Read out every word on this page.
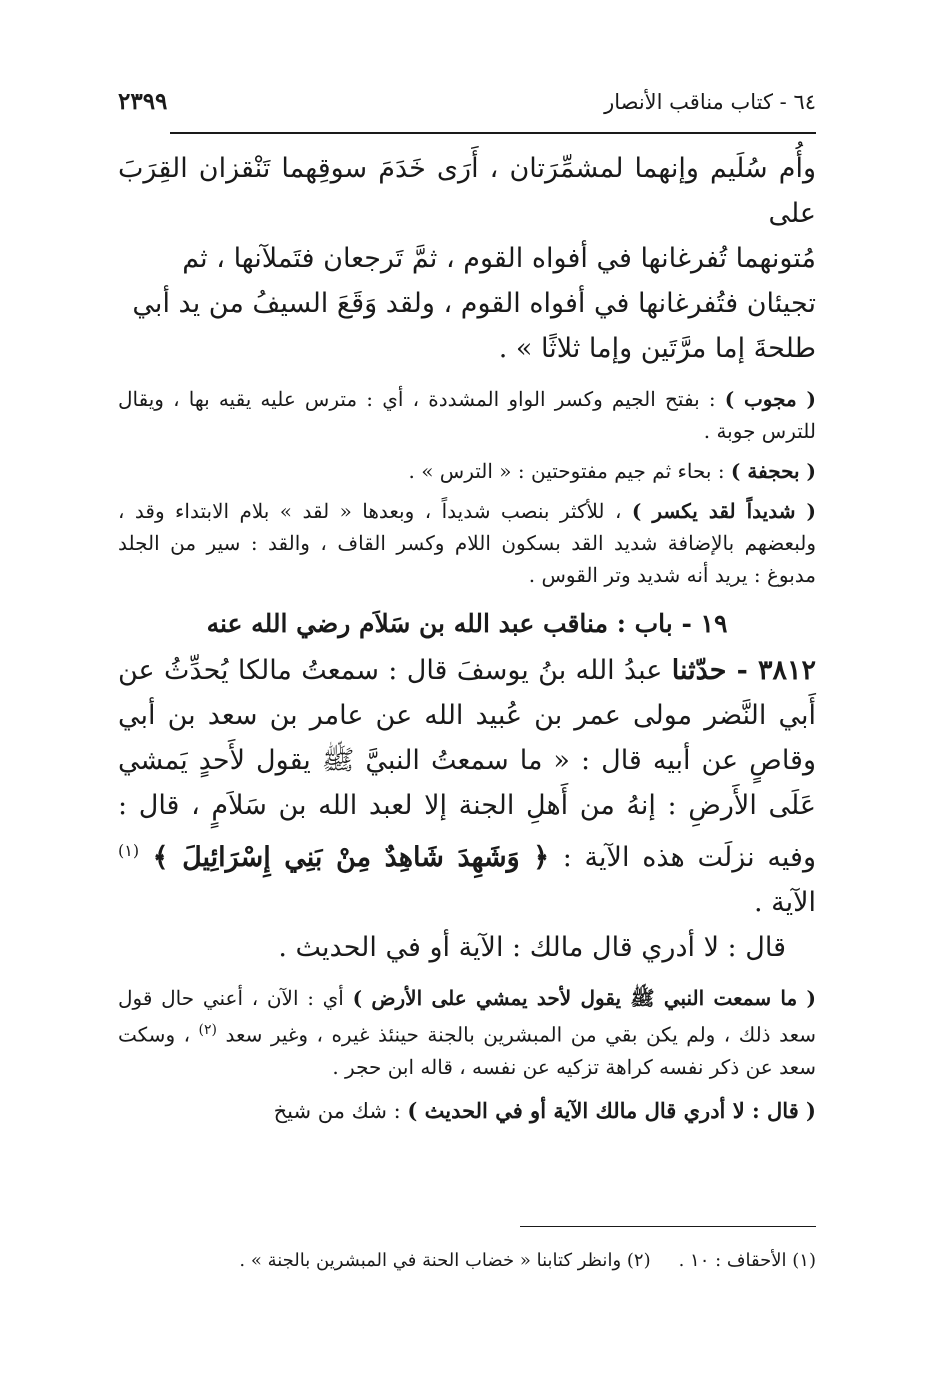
٦٤ - كتاب مناقب الأنصار
٢٣٩٩

وأُم سُلَيم وإنهما لمشمِّرَتان ، أَرَى خَدَمَ سوقِهما تَنْقزان القِرَبَ على

مُتونهما تُفرغانها في أفواه القوم ، ثمَّ تَرجعان فتَملآنها ، ثم

تجيئان فتُفرغانها في أفواه القوم ، ولقد وَقَعَ السيفُ من يد أبي

طلحةَ إما مرَّتَين وإما ثلاثًا » .

( مجوب ) : بفتح الجيم وكسر الواو المشددة ، أي : مترس عليه يقيه بها ، ويقال للترس جوبة .

( بحجفة ) : بحاء ثم جيم مفتوحتين : « الترس » .

( شديداً لقد يكسر ) ، للأكثر بنصب شديداً ، وبعدها « لقد » بلام الابتداء وقد ، ولبعضهم بالإضافة شديد القد بسكون اللام وكسر القاف ، والقد : سير من الجلد مدبوغ : يريد أنه شديد وتر القوس .

١٩ - باب : مناقب عبد الله بن سَلاَم رضي الله عنه

٣٨١٢ - حدّثنا عبدُ الله بنُ يوسفَ قال : سمعتُ مالكا يُحدِّثُ عن أَبي النَّضر مولى عمر بن عُبيد الله عن عامر بن سعد بن أبي وقاصٍ عن أبيه قال : « ما سمعتُ النبيَّ ﷺ يقول لأَحدٍ يَمشي عَلَى الأَرضِ : إنهُ من أَهلِ الجنة إلا لعبد الله بن سَلاَمٍ ، قال : وفيه نزلَت هذه الآية : ﴿ وَشَهِدَ شَاهِدٌ مِنْ بَنِي إِسْرَائِيلَ ﴾ $^{(١)}$ الآية .

قال : لا أدري قال مالك : الآية أو في الحديث .

( ما سمعت النبي ﷺ يقول لأحد يمشي على الأرض ) أي : الآن ، أعني حال قول سعد ذلك ، ولم يكن بقي من المبشرين بالجنة حينئذ غيره ، وغير سعد $^{(٢)}$ ، وسكت سعد عن ذكر نفسه كراهة تزكيه عن نفسه ، قاله ابن حجر .

( قال : لا أدري قال مالك الآية أو في الحديث ) : شك من شيخ

(١) الأحقاف : ١٠ .(٢) وانظر كتابنا « خضاب الحنة في المبشرين بالجنة » .
